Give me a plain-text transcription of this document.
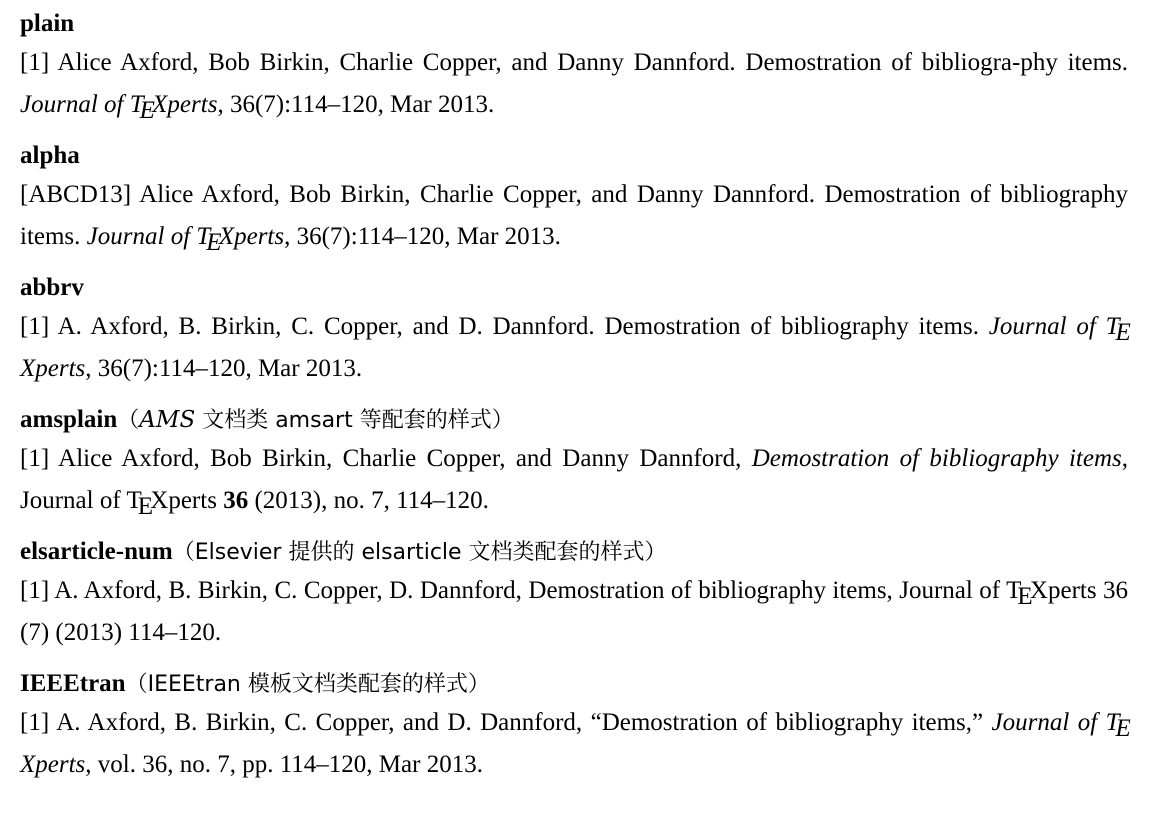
plain

[1] Alice Axford, Bob Birkin, Charlie Copper, and Danny Dannford. Demostration of bibliogra-phy items. Journal of TEXperts, 36(7):114–120, Mar 2013.

alpha

[ABCD13] Alice Axford, Bob Birkin, Charlie Copper, and Danny Dannford. Demostration of bibliography items. Journal of TEXperts, 36(7):114–120, Mar 2013.

abbrv

[1] A. Axford, B. Birkin, C. Copper, and D. Dannford. Demostration of bibliography items. Journal of TEXperts, 36(7):114–120, Mar 2013.

amsplain（AMS 文档类 amsart 等配套的样式）

[1] Alice Axford, Bob Birkin, Charlie Copper, and Danny Dannford, Demostration of bibliography items, Journal of TEXperts 36 (2013), no. 7, 114–120.

elsarticle-num（Elsevier 提供的 elsarticle 文档类配套的样式）

[1] A. Axford, B. Birkin, C. Copper, D. Dannford, Demostration of bibliography items, Journal of TEXperts 36 (7) (2013) 114–120.

IEEEtran（IEEEtran 模板文档类配套的样式）

[1] A. Axford, B. Birkin, C. Copper, and D. Dannford, “Demostration of bibliography items,” Journal of TEXperts, vol. 36, no. 7, pp. 114–120, Mar 2013.
